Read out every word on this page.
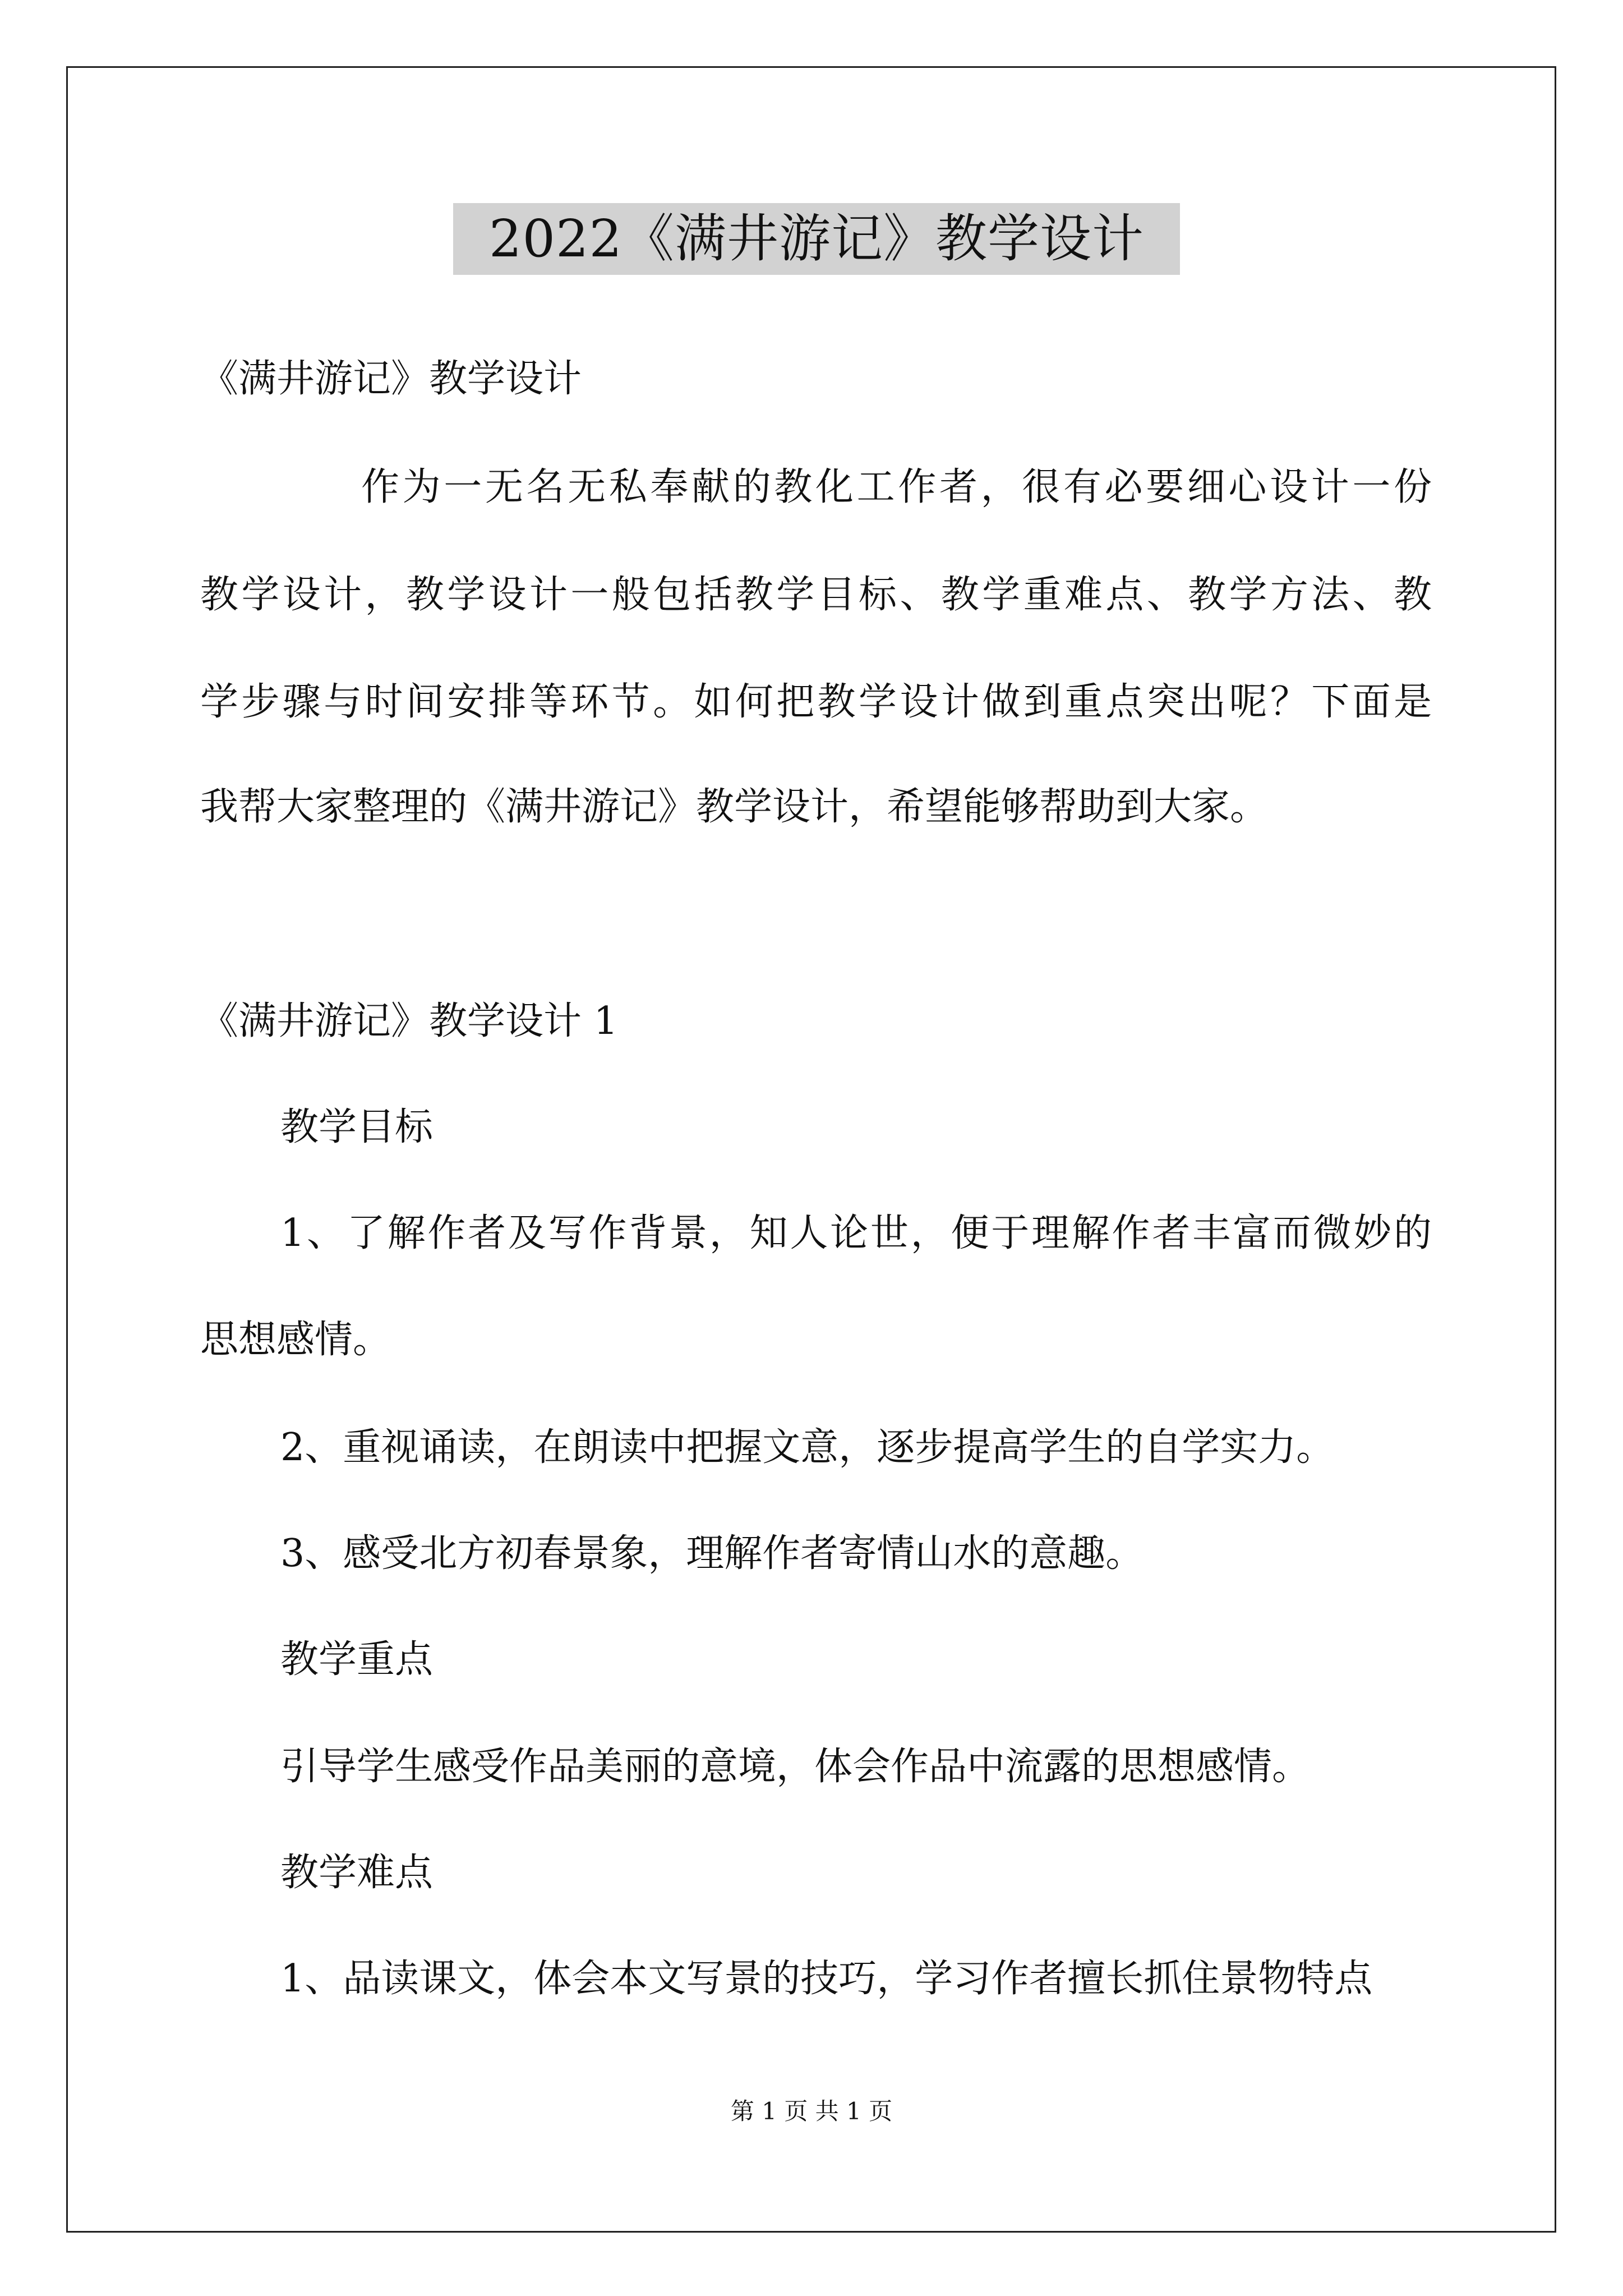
2022《满井游记》教学设计
《满井游记》教学设计
作为一无名无私奉献的教化工作者，很有必要细心设计一份
教学设计，教学设计一般包括教学目标、教学重难点、教学方法、教
学步骤与时间安排等环节。如何把教学设计做到重点突出呢？下面是
我帮大家整理的《满井游记》教学设计，希望能够帮助到大家。
《满井游记》教学设计 1
教学目标
1、了解作者及写作背景，知人论世，便于理解作者丰富而微妙的
思想感情。
2、重视诵读，在朗读中把握文意，逐步提高学生的自学实力。
3、感受北方初春景象，理解作者寄情山水的意趣。
教学重点
引导学生感受作品美丽的意境，体会作品中流露的思想感情。
教学难点
1、品读课文，体会本文写景的技巧，学习作者擅长抓住景物特点
第 1 页 共 1 页
